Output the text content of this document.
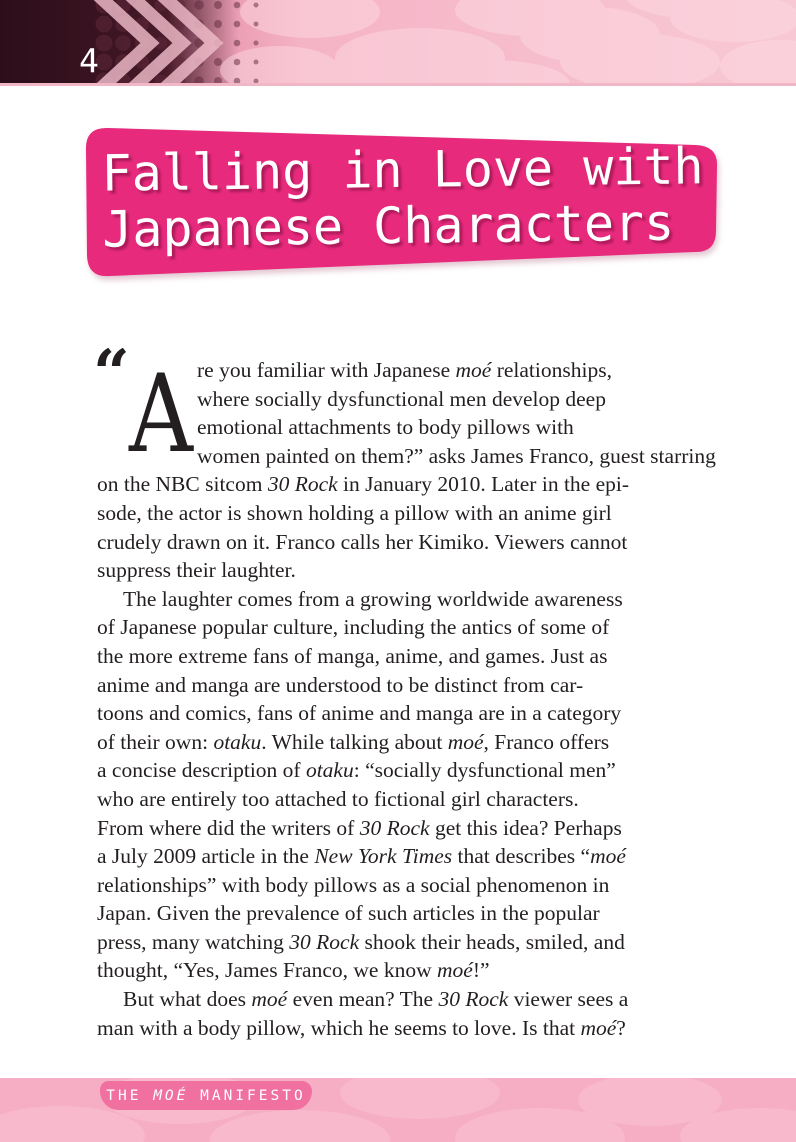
4
Falling in Love with
Japanese Characters
“ A re you familiar with Japanese moé relationships,
where socially dysfunctional men develop deep
emotional attachments to body pillows with
women painted on them?” asks James Franco, guest starring
on the NBC sitcom 30 Rock in January 2010. Later in the epi-
sode, the actor is shown holding a pillow with an anime girl
crudely drawn on it. Franco calls her Kimiko. Viewers cannot
suppress their laughter.
The laughter comes from a growing worldwide awareness
of Japanese popular culture, including the antics of some of
the more extreme fans of manga, anime, and games. Just as
anime and manga are understood to be distinct from car-
toons and comics, fans of anime and manga are in a category
of their own: otaku. While talking about moé, Franco offers
a concise description of otaku: “socially dysfunctional men”
who are entirely too attached to fictional girl characters.
From where did the writers of 30 Rock get this idea? Perhaps
a July 2009 article in the New York Times that describes “moé
relationships” with body pillows as a social phenomenon in
Japan. Given the prevalence of such articles in the popular
press, many watching 30 Rock shook their heads, smiled, and
thought, “Yes, James Franco, we know moé!”
But what does moé even mean? The 30 Rock viewer sees a
man with a body pillow, which he seems to love. Is that moé?
THE MOÉ MANIFESTO
